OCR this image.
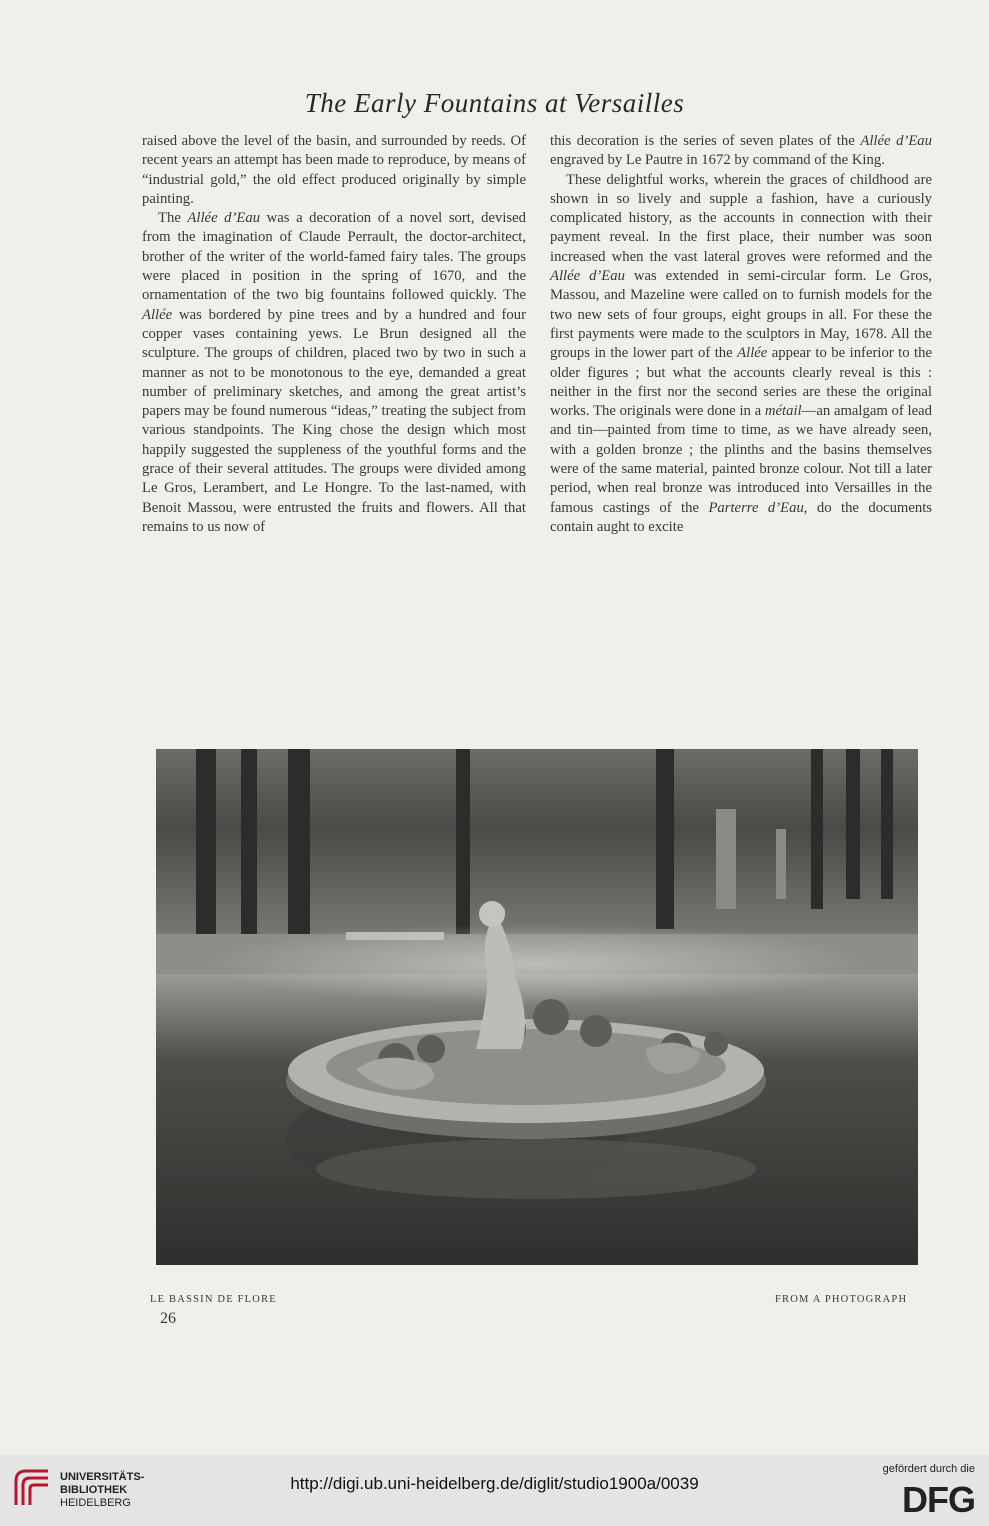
The Early Fountains at Versailles

raised above the level of the basin, and surrounded by reeds. Of recent years an attempt has been made to reproduce, by means of “industrial gold,” the old effect produced originally by simple painting.

The Allée d’Eau was a decoration of a novel sort, devised from the imagination of Claude Perrault, the doctor-architect, brother of the writer of the world-famed fairy tales. The groups were placed in position in the spring of 1670, and the ornamentation of the two big fountains followed quickly. The Allée was bordered by pine trees and by a hundred and four copper vases containing yews. Le Brun designed all the sculpture. The groups of children, placed two by two in such a manner as not to be monotonous to the eye, demanded a great number of preliminary sketches, and among the great artist’s papers may be found numerous “ideas,” treating the subject from various standpoints. The King chose the design which most happily suggested the suppleness of the youthful forms and the grace of their several attitudes. The groups were divided among Le Gros, Lerambert, and Le Hongre. To the last-named, with Benoit Massou, were entrusted the fruits and flowers. All that remains to us now of

this decoration is the series of seven plates of the Allée d’Eau engraved by Le Pautre in 1672 by command of the King.

These delightful works, wherein the graces of childhood are shown in so lively and supple a fashion, have a curiously complicated history, as the accounts in connection with their payment reveal. In the first place, their number was soon increased when the vast lateral groves were reformed and the Allée d’Eau was extended in semi-circular form. Le Gros, Massou, and Mazeline were called on to furnish models for the two new sets of four groups, eight groups in all. For these the first payments were made to the sculptors in May, 1678. All the groups in the lower part of the Allée appear to be inferior to the older figures ; but what the accounts clearly reveal is this : neither in the first nor the second series are these the original works. The originals were done in a métail—an amalgam of lead and tin—painted from time to time, as we have already seen, with a golden bronze ; the plinths and the basins themselves were of the same material, painted bronze colour. Not till a later period, when real bronze was introduced into Versailles in the famous castings of the Parterre d’Eau, do the documents contain aught to excite

LE BASSIN DE FLORE	FROM A PHOTOGRAPH
26
UNIVERSITÄTS-
BIBLIOTHEK
HEIDELBERG
http://digi.ub.uni-heidelberg.de/diglit/studio1900a/0039
gefördert durch die
DFG
